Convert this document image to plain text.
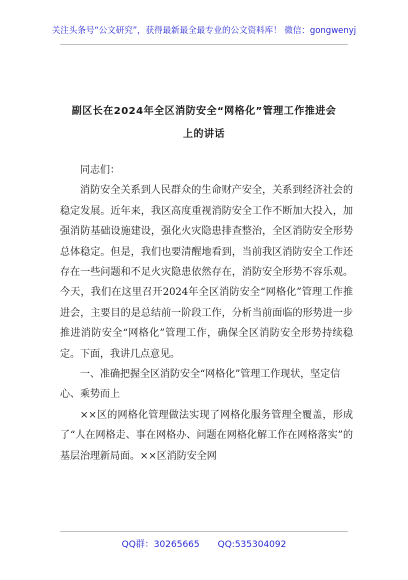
关注头条号“公文研究”，获得最新最全最专业的公文资料库！ 微信：gongwenyj
副区长在2024年全区消防安全“网格化”管理工作推进会
上的讲话

同志们：

消防安全关系到人民群众的生命财产安全，关系到经济社会的稳定发展。近年来，我区高度重视消防安全工作不断加大投入，加强消防基础设施建设，强化火灾隐患排查整治，全区消防安全形势总体稳定。但是，我们也要清醒地看到，当前我区消防安全工作还存在一些问题和不足火灾隐患依然存在，消防安全形势不容乐观。今天，我们在这里召开2024年全区消防安全“网格化”管理工作推进会，主要目的是总结前一阶段工作，分析当前面临的形势进一步推进消防安全“网格化”管理工作，确保全区消防安全形势持续稳定。下面，我讲几点意见。

一、准确把握全区消防安全“网格化”管理工作现状，坚定信心、乘势而上

××区的网格化管理做法实现了网格化服务管理全覆盖，形成了“人在网格走、事在网格办、问题在网格化解工作在网格落实”的基层治理新局面。××区消防安全网

QQ群：30265665　　QQ:535304092
